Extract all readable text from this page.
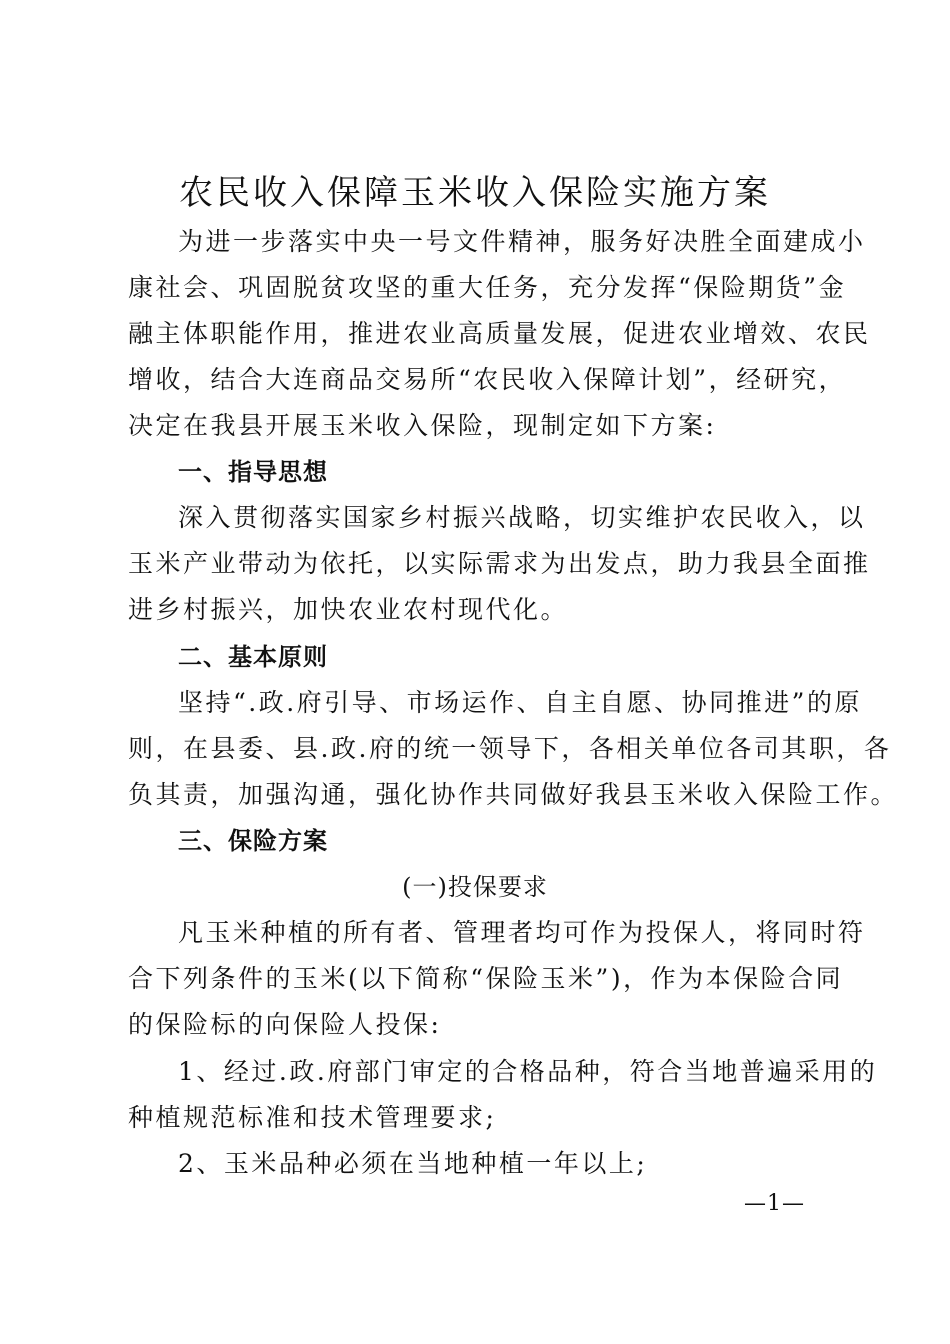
农民收入保障玉米收入保险实施方案
为进一步落实中央一号文件精神，服务好决胜全面建成小
康社会、巩固脱贫攻坚的重大任务，充分发挥“保险期货”金
融主体职能作用，推进农业高质量发展，促进农业增效、农民
增收，结合大连商品交易所“农民收入保障计划”，经研究，
决定在我县开展玉米收入保险，现制定如下方案:
一、指导思想
深入贯彻落实国家乡村振兴战略，切实维护农民收入，以
玉米产业带动为依托，以实际需求为出发点，助力我县全面推
进乡村振兴，加快农业农村现代化。
二、基本原则
坚持“.政.府引导、市场运作、自主自愿、协同推进”的原
则，在县委、县.政.府的统一领导下，各相关单位各司其职，各
负其责，加强沟通，强化协作共同做好我县玉米收入保险工作。
三、保险方案
(一)投保要求
凡玉米种植的所有者、管理者均可作为投保人，将同时符
合下列条件的玉米(以下简称“保险玉米”)，作为本保险合同
的保险标的向保险人投保:
1、经过.政.府部门审定的合格品种，符合当地普遍采用的
种植规范标准和技术管理要求;
2、玉米品种必须在当地种植一年以上;
—1—
